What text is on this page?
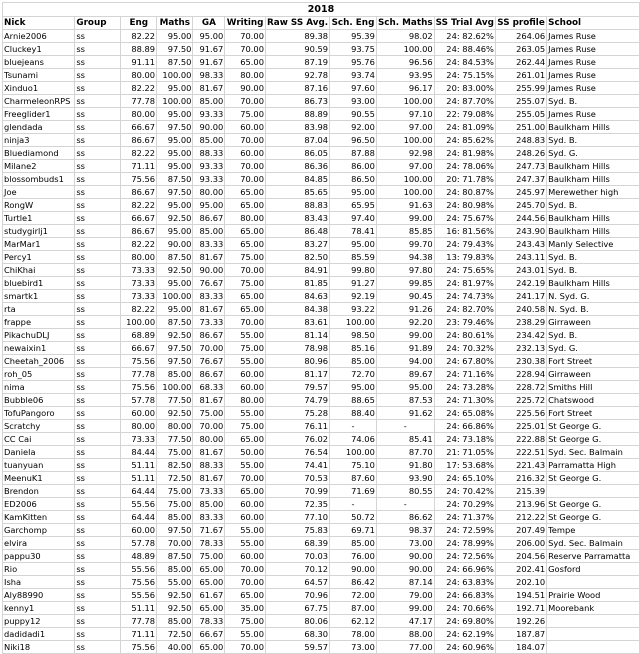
2018											
Nick	Group	Eng	Maths	GA	Writing	Raw SS Avg.	Sch. Eng	Sch. Maths	SS Trial Avg	SS profile	School
Arnie2006	ss	82.22	95.00	95.00	70.00	89.38	95.39	98.02	24: 82.62%	264.06	James Ruse
Cluckey1	ss	88.89	97.50	91.67	70.00	90.59	93.75	100.00	24: 88.46%	263.05	James Ruse
bluejeans	ss	91.11	87.50	91.67	65.00	87.19	95.76	96.56	24: 84.53%	262.44	James Ruse
Tsunami	ss	80.00	100.00	98.33	80.00	92.78	93.74	93.95	24: 75.15%	261.01	James Ruse
Xinduo1	ss	82.22	95.00	81.67	90.00	87.16	97.60	96.17	20: 83.00%	255.99	James Ruse
CharmeleonRPS	ss	77.78	100.00	85.00	70.00	86.73	93.00	100.00	24: 87.70%	255.07	Syd. B.
Freeglider1	ss	80.00	95.00	93.33	75.00	88.89	90.55	97.10	22: 79.08%	255.05	James Ruse
glendada	ss	66.67	97.50	90.00	60.00	83.98	92.00	97.00	24: 81.09%	251.00	Baulkham Hills
ninja3	ss	86.67	95.00	85.00	70.00	87.04	96.50	100.00	24: 85.62%	248.83	Syd. B.
Bluediamond	ss	82.22	95.00	88.33	60.00	86.05	87.88	92.98	24: 81.98%	248.26	Syd. G.
Milane2	ss	71.11	95.00	93.33	70.00	86.36	86.00	97.00	24: 78.06%	247.73	Baulkham Hills
blossombuds1	ss	75.56	87.50	93.33	70.00	84.85	86.50	100.00	20: 71.78%	247.37	Baulkham Hills
Joe	ss	86.67	97.50	80.00	65.00	85.65	95.00	100.00	24: 80.87%	245.97	Merewether high
RongW	ss	82.22	95.00	95.00	65.00	88.83	65.95	91.63	24: 80.98%	245.70	Syd. B.
Turtle1	ss	66.67	92.50	86.67	80.00	83.43	97.40	99.00	24: 75.67%	244.56	Baulkham Hills
studygirlj1	ss	86.67	95.00	85.00	65.00	86.48	78.41	85.85	16: 81.56%	243.90	Baulkham Hills
MarMar1	ss	82.22	90.00	83.33	65.00	83.27	95.00	99.70	24: 79.43%	243.43	Manly Selective
Percy1	ss	80.00	87.50	81.67	75.00	82.50	85.59	94.38	13: 79.83%	243.11	Syd. B.
ChiKhai	ss	73.33	92.50	90.00	70.00	84.91	99.80	97.80	24: 75.65%	243.01	Syd. B.
bluebird1	ss	73.33	95.00	76.67	75.00	81.85	91.27	99.85	24: 81.97%	242.19	Baulkham Hills
smartk1	ss	73.33	100.00	83.33	65.00	84.63	92.19	90.45	24: 74.73%	241.17	N. Syd. G.
rta	ss	82.22	95.00	81.67	65.00	84.38	93.22	91.26	24: 82.70%	240.58	N. Syd. B.
frappe	ss	100.00	87.50	73.33	70.00	83.61	100.00	92.20	23: 79.46%	238.29	Girraween
PikachuDLJ	ss	68.89	92.50	86.67	55.00	81.14	98.50	99.00	24: 80.61%	234.42	Syd. B.
newaixin1	ss	66.67	97.50	70.00	75.00	78.98	85.16	91.89	24: 70.32%	232.13	Syd. G.
Cheetah_2006	ss	75.56	97.50	76.67	55.00	80.96	85.00	94.00	24: 67.80%	230.38	Fort Street
roh_05	ss	77.78	85.00	86.67	60.00	81.17	72.70	89.67	24: 71.16%	228.94	Girraween
nima	ss	75.56	100.00	68.33	60.00	79.57	95.00	95.00	24: 73.28%	228.72	Smiths Hill
Bubble06	ss	57.78	77.50	81.67	80.00	74.79	88.65	87.53	24: 71.30%	225.72	Chatswood
TofuPangoro	ss	60.00	92.50	75.00	55.00	75.28	88.40	91.62	24: 65.08%	225.56	Fort Street
Scratchy	ss	80.00	80.00	70.00	75.00	76.11	-	-	24: 66.86%	225.01	St George G.
CC Cai	ss	73.33	77.50	80.00	65.00	76.02	74.06	85.41	24: 73.18%	222.88	St George G.
Daniela	ss	84.44	75.00	81.67	50.00	76.54	100.00	87.70	21: 71.05%	222.51	Syd. Sec. Balmain
tuanyuan	ss	51.11	82.50	88.33	55.00	74.41	75.10	91.80	17: 53.68%	221.43	Parramatta High
MeenuK1	ss	51.11	72.50	81.67	70.00	70.53	87.60	93.90	24: 65.10%	216.32	St George G.
Brendon	ss	64.44	75.00	73.33	65.00	70.99	71.69	80.55	24: 70.42%	215.39	
ED2006	ss	55.56	75.00	85.00	60.00	72.35	-	-	24: 70.29%	213.96	St George G.
KamKitten	ss	64.44	85.00	83.33	60.00	77.10	50.72	86.62	24: 71.37%	212.22	St George G.
Garchomp	ss	60.00	97.50	71.67	55.00	75.83	69.71	98.37	24: 72.59%	207.49	Tempe
elvira	ss	57.78	70.00	78.33	55.00	68.39	85.00	73.00	24: 78.99%	206.00	Syd. Sec. Balmain
pappu30	ss	48.89	87.50	75.00	60.00	70.03	76.00	90.00	24: 72.56%	204.56	Reserve Parramatta
Rio	ss	55.56	85.00	65.00	70.00	70.12	90.00	90.00	24: 66.96%	202.41	Gosford
Isha	ss	75.56	55.00	65.00	70.00	64.57	86.42	87.14	24: 63.83%	202.10	
Aly88990	ss	55.56	92.50	61.67	65.00	70.96	72.00	79.00	24: 66.83%	194.51	Prairie Wood
kenny1	ss	51.11	92.50	65.00	35.00	67.75	87.00	99.00	24: 70.66%	192.71	Moorebank
puppy12	ss	77.78	85.00	78.33	75.00	80.06	62.12	47.17	24: 69.80%	192.26	
dadidadi1	ss	71.11	72.50	66.67	55.00	68.30	78.00	88.00	24: 62.19%	187.87	
Niki18	ss	75.56	40.00	65.00	70.00	59.57	73.00	77.00	24: 60.96%	184.07	
